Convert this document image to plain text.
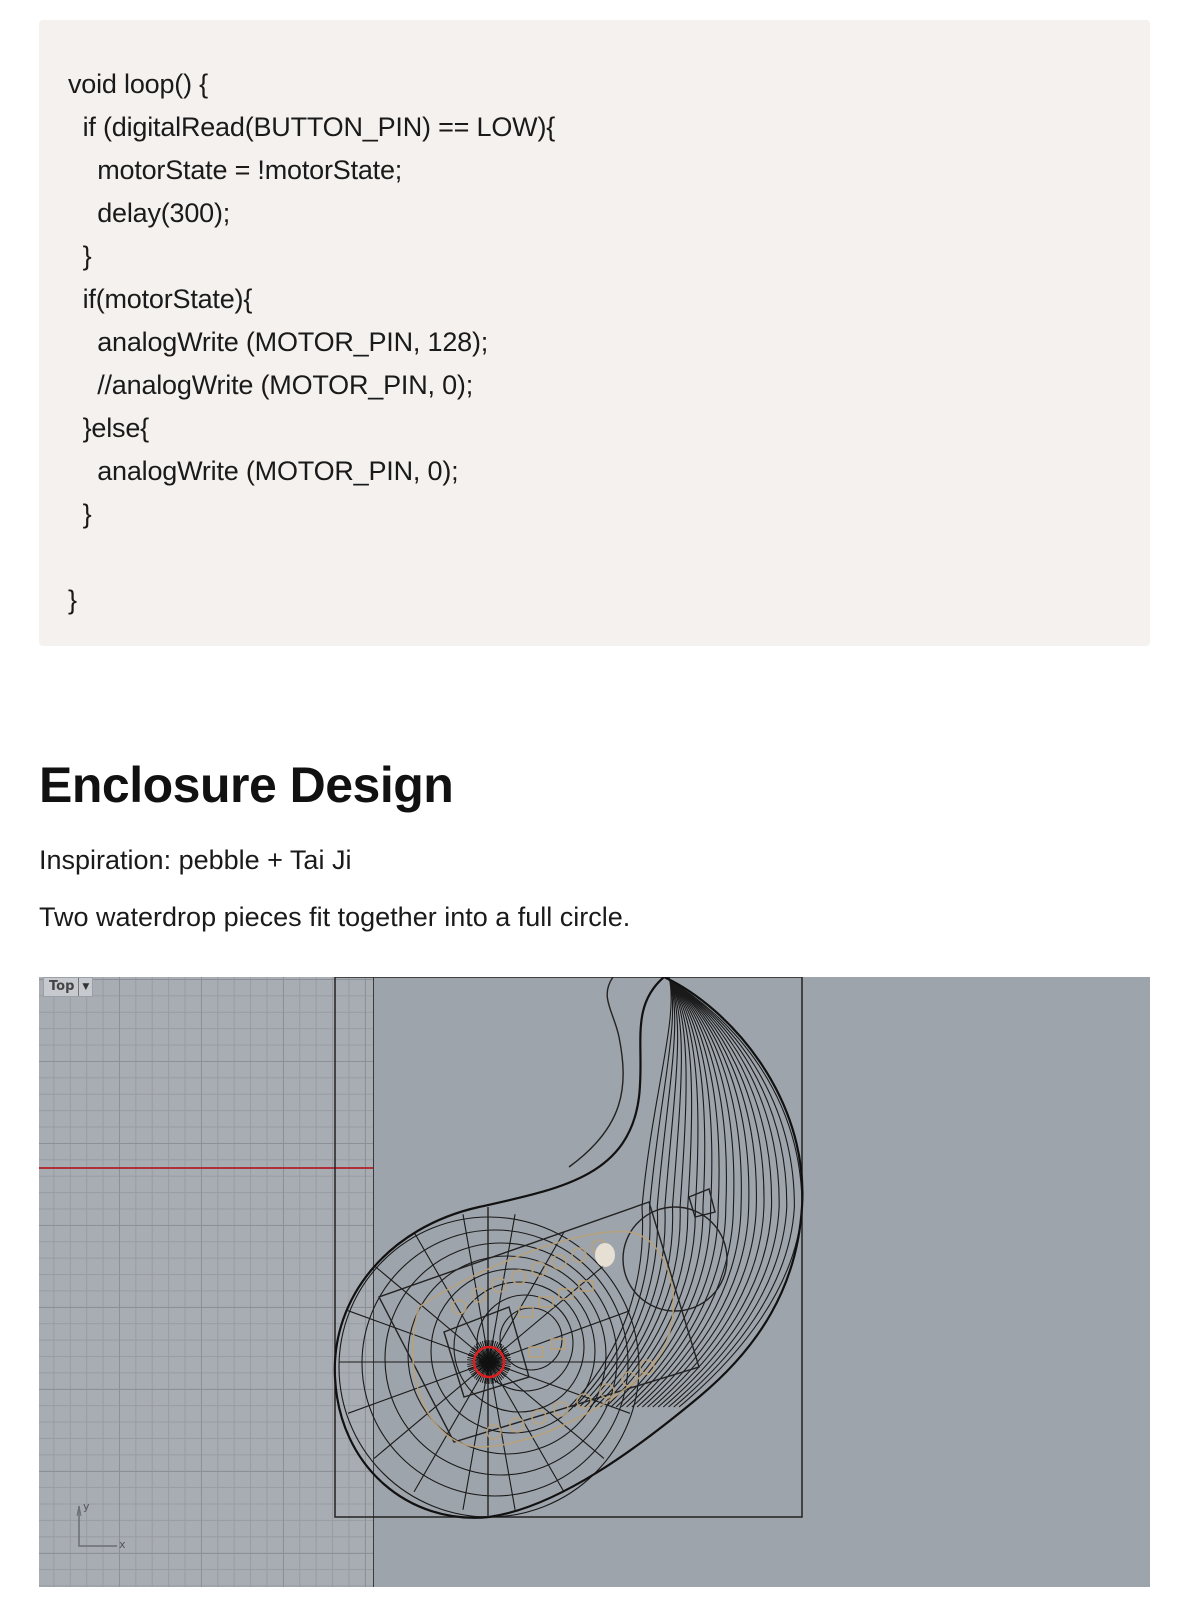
void loop() {
if (digitalRead(BUTTON_PIN) == LOW){
motorState = !motorState;
delay(300);
}
if(motorState){
analogWrite (MOTOR_PIN, 128);
//analogWrite (MOTOR_PIN, 0);
}else{
analogWrite (MOTOR_PIN, 0);
}
}
Enclosure Design

Inspiration: pebble + Tai Ji

Two waterdrop pieces fit together into a full circle.

Top ▼
y
x
